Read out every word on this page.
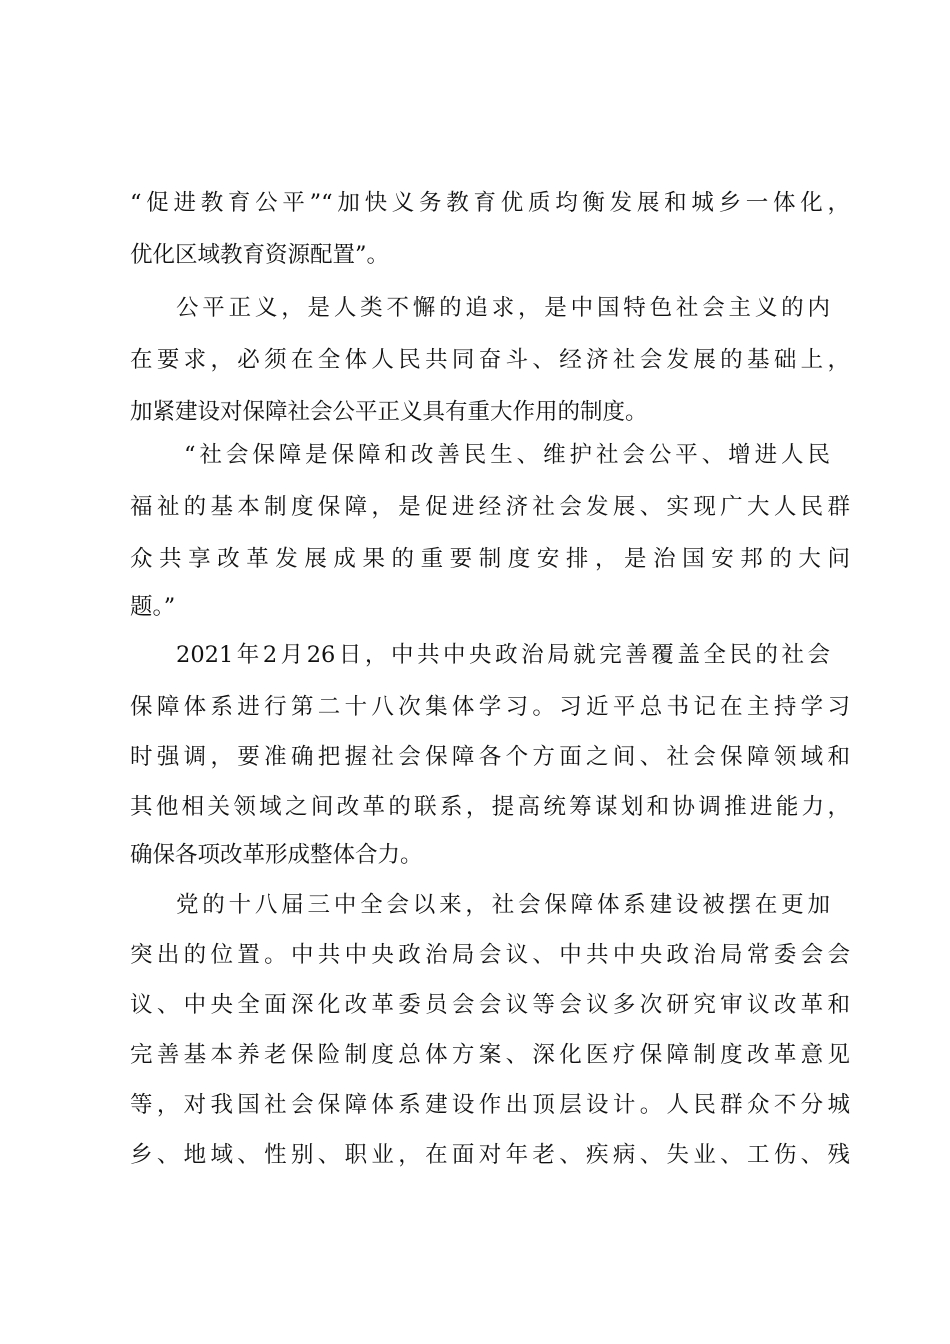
“促进教育公平”“加快义务教育优质均衡发展和城乡一体化，
优化区域教育资源配置”。
公平正义，是人类不懈的追求，是中国特色社会主义的内
在要求，必须在全体人民共同奋斗、经济社会发展的基础上，
加紧建设对保障社会公平正义具有重大作用的制度。
“社会保障是保障和改善民生、维护社会公平、增进人民
福祉的基本制度保障，是促进经济社会发展、实现广大人民群
众共享改革发展成果的重要制度安排，是治国安邦的大问
题。”
2021年2月26日，中共中央政治局就完善覆盖全民的社会
保障体系进行第二十八次集体学习。习近平总书记在主持学习
时强调，要准确把握社会保障各个方面之间、社会保障领域和
其他相关领域之间改革的联系，提高统筹谋划和协调推进能力，
确保各项改革形成整体合力。
党的十八届三中全会以来，社会保障体系建设被摆在更加
突出的位置。中共中央政治局会议、中共中央政治局常委会会
议、中央全面深化改革委员会会议等会议多次研究审议改革和
完善基本养老保险制度总体方案、深化医疗保障制度改革意见
等，对我国社会保障体系建设作出顶层设计。人民群众不分城
乡、地域、性别、职业，在面对年老、疾病、失业、工伤、残
